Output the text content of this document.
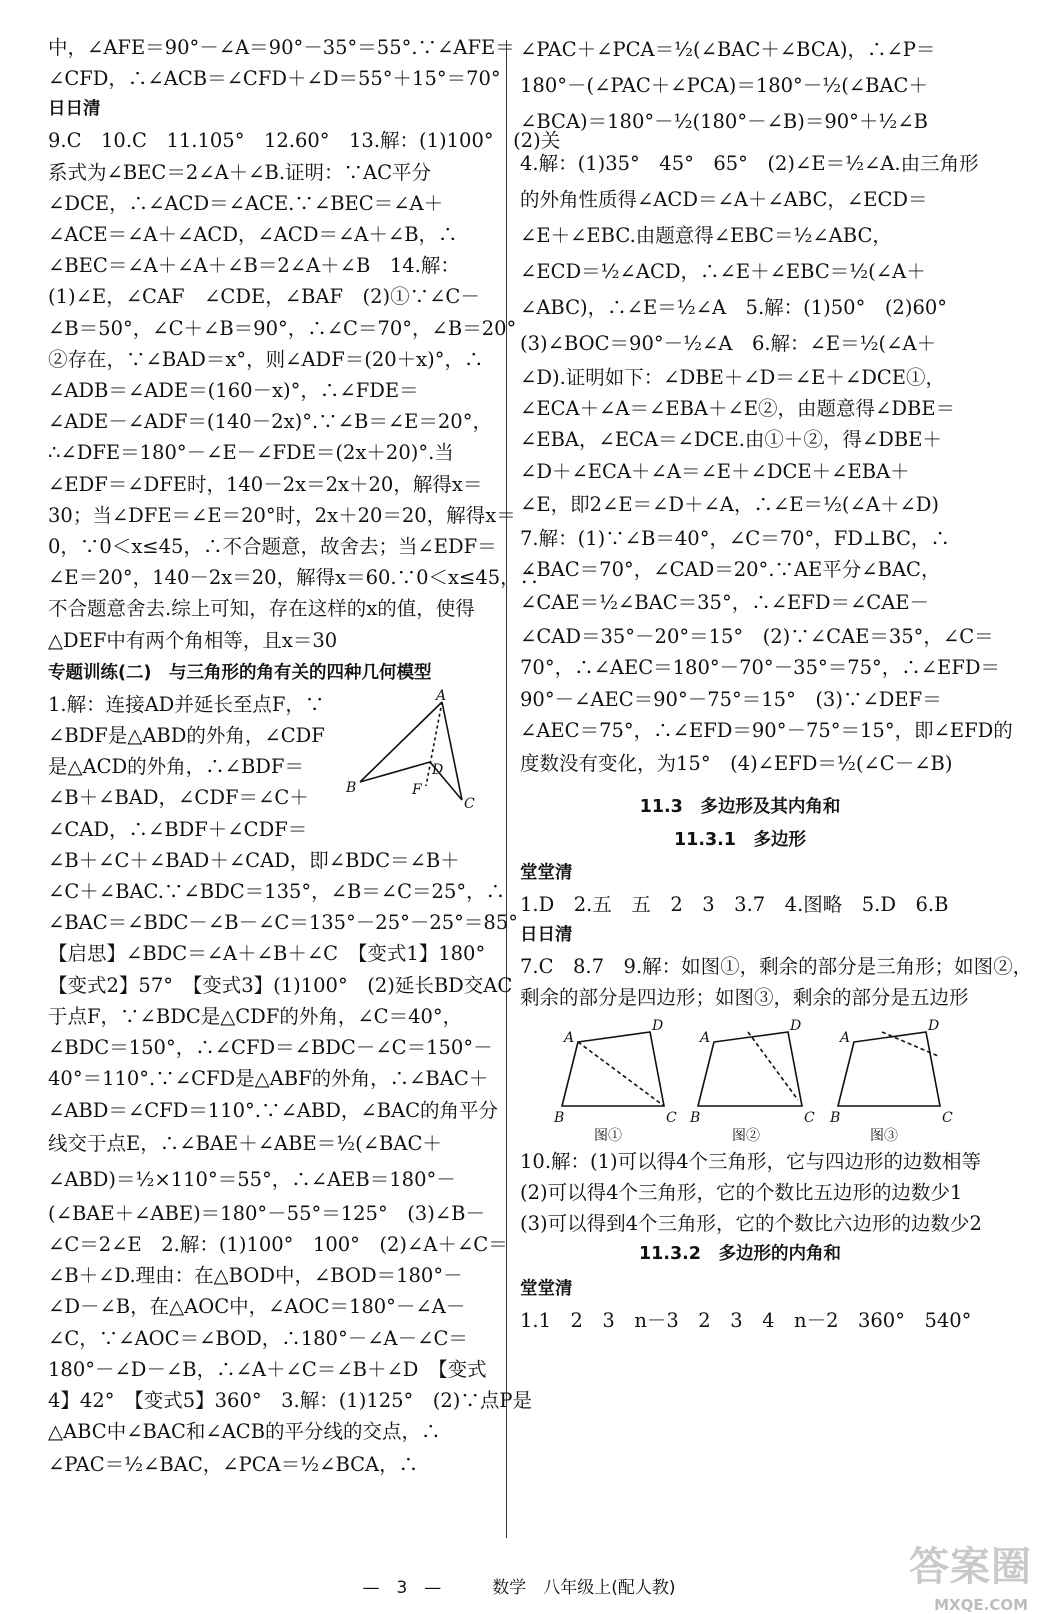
中，∠AFE＝90°－∠A＝90°－35°＝55°.∵∠AFE＝
∠CFD，∴∠ACB＝∠CFD＋∠D＝55°＋15°＝70°
日日清
9.C　10.C　11.105°　12.60°　13.解：(1)100°　(2)关
系式为∠BEC＝2∠A＋∠B.证明：∵AC平分
∠DCE，∴∠ACD＝∠ACE.∵∠BEC＝∠A＋
∠ACE＝∠A＋∠ACD，∠ACD＝∠A＋∠B，∴
∠BEC＝∠A＋∠A＋∠B＝2∠A＋∠B　14.解：
(1)∠E，∠CAF　∠CDE，∠BAF　(2)①∵∠C－
∠B＝50°，∠C＋∠B＝90°，∴∠C＝70°，∠B＝20°
②存在，∵∠BAD＝x°，则∠ADF＝(20＋x)°，∴
∠ADB＝∠ADE＝(160－x)°，∴∠FDE＝
∠ADE－∠ADF＝(140－2x)°.∵∠B＝∠E＝20°，
∴∠DFE＝180°－∠E－∠FDE＝(2x＋20)°.当
∠EDF＝∠DFE时，140－2x＝2x＋20，解得x＝
30；当∠DFE＝∠E＝20°时，2x＋20＝20，解得x＝
0，∵0＜x≤45，∴不合题意，故舍去；当∠EDF＝
∠E＝20°，140－2x＝20，解得x＝60.∵0＜x≤45，∴
不合题意舍去.综上可知，存在这样的x的值，使得
△DEF中有两个角相等，且x＝30
专题训练(二)　与三角形的角有关的四种几何模型
1.解：连接AD并延长至点F，∵
∠BDF是△ABD的外角，∠CDF
是△ACD的外角，∴∠BDF＝
∠B＋∠BAD，∠CDF＝∠C＋
∠CAD，∴∠BDF＋∠CDF＝
∠B＋∠C＋∠BAD＋∠CAD，即∠BDC＝∠B＋
∠C＋∠BAC.∵∠BDC＝135°，∠B＝∠C＝25°，∴
∠BAC＝∠BDC－∠B－∠C＝135°－25°－25°＝85°
【启思】∠BDC＝∠A＋∠B＋∠C　【变式1】180°
【变式2】57°　【变式3】(1)100°　(2)延长BD交AC
于点F，∵∠BDC是△CDF的外角，∠C＝40°，
∠BDC＝150°，∴∠CFD＝∠BDC－∠C＝150°－
40°＝110°.∵∠CFD是△ABF的外角，∴∠BAC＋
∠ABD＝∠CFD＝110°.∵∠ABD，∠BAC的角平分
线交于点E，∴∠BAE＋∠ABE＝½(∠BAC＋
∠ABD)＝½×110°＝55°，∴∠AEB＝180°－
(∠BAE＋∠ABE)＝180°－55°＝125°　(3)∠B－
∠C＝2∠E　2.解：(1)100°　100°　(2)∠A＋∠C＝
∠B＋∠D.理由：在△BOD中，∠BOD＝180°－
∠D－∠B，在△AOC中，∠AOC＝180°－∠A－
∠C，∵∠AOC＝∠BOD，∴180°－∠A－∠C＝
180°－∠D－∠B，∴∠A＋∠C＝∠B＋∠D　【变式
4】42°　【变式5】360°　3.解：(1)125°　(2)∵点P是
△ABC中∠BAC和∠ACB的平分线的交点，∴
∠PAC＝½∠BAC，∠PCA＝½∠BCA，∴
A
B
C
D
F
∠PAC＋∠PCA＝½(∠BAC＋∠BCA)，∴∠P＝
180°－(∠PAC＋∠PCA)＝180°－½(∠BAC＋
∠BCA)＝180°－½(180°－∠B)＝90°＋½∠B
4.解：(1)35°　45°　65°　(2)∠E＝½∠A.由三角形
的外角性质得∠ACD＝∠A＋∠ABC，∠ECD＝
∠E＋∠EBC.由题意得∠EBC＝½∠ABC，
∠ECD＝½∠ACD，∴∠E＋∠EBC＝½(∠A＋
∠ABC)，∴∠E＝½∠A　5.解：(1)50°　(2)60°
(3)∠BOC＝90°－½∠A　6.解：∠E＝½(∠A＋
∠D).证明如下：∠DBE＋∠D＝∠E＋∠DCE①，
∠ECA＋∠A＝∠EBA＋∠E②，由题意得∠DBE＝
∠EBA，∠ECA＝∠DCE.由①＋②，得∠DBE＋
∠D＋∠ECA＋∠A＝∠E＋∠DCE＋∠EBA＋
∠E，即2∠E＝∠D＋∠A，∴∠E＝½(∠A＋∠D)
7.解：(1)∵∠B＝40°，∠C＝70°，FD⊥BC，∴
∠BAC＝70°，∠CAD＝20°.∵AE平分∠BAC，
∠CAE＝½∠BAC＝35°，∴∠EFD＝∠CAE－
∠CAD＝35°－20°＝15°　(2)∵∠CAE＝35°，∠C＝
70°，∴∠AEC＝180°－70°－35°＝75°，∴∠EFD＝
90°－∠AEC＝90°－75°＝15°　(3)∵∠DEF＝
∠AEC＝75°，∴∠EFD＝90°－75°＝15°，即∠EFD的
度数没有变化，为15°　(4)∠EFD＝½(∠C－∠B)
11.3　多边形及其内角和
11.3.1　多边形
堂堂清
1.D　2.五　五　2　3　3.7　4.图略　5.D　6.B
日日清
7.C　8.7　9.解：如图①，剩余的部分是三角形；如图②，
剩余的部分是四边形；如图③，剩余的部分是五边形
A
D
B	C
图①
A
D
B	C
图②
A
D
B	C
图③
10.解：(1)可以得4个三角形，它与四边形的边数相等
(2)可以得4个三角形，它的个数比五边形的边数少1
(3)可以得到4个三角形，它的个数比六边形的边数少2
11.3.2　多边形的内角和
堂堂清
1.1　2　3　n－3　2　3　4　n－2　360°　540°
—　3　—　　　数学　八年级上(配人教)	答案圈
MXQE.COM
